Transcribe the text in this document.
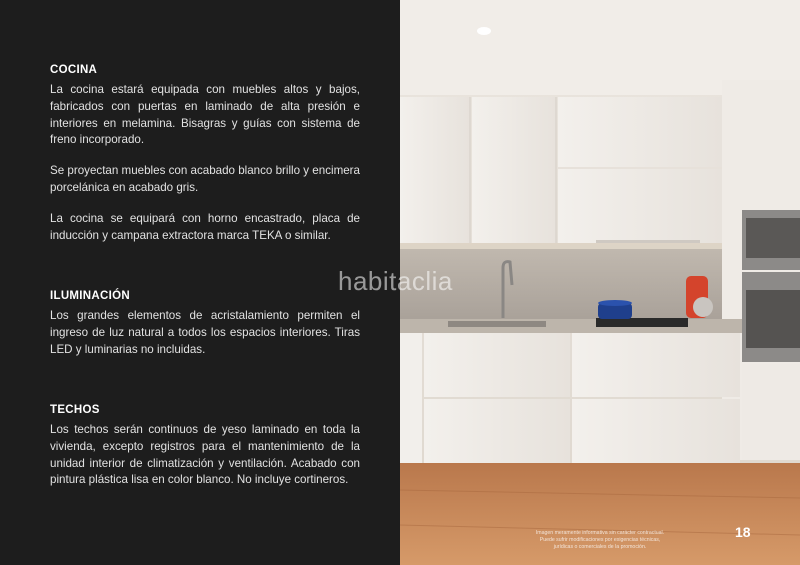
COCINA

La cocina estará equipada con muebles altos y bajos, fabricados con puertas en laminado de alta presión e interiores en melamina. Bisagras y guías con sistema de freno incorporado.

Se proyectan muebles con acabado blanco brillo y encimera porcelánica en acabado gris.

La cocina se equipará con horno encastrado, placa de inducción y campana extractora marca TEKA o similar.

ILUMINACIÓN

Los grandes elementos de acristalamiento permiten el ingreso de luz natural a todos los espacios interiores. Tiras LED y luminarias no incluidas.

TECHOS

Los techos serán continuos de yeso laminado en toda la vivienda, excepto registros para el mantenimiento de la unidad interior de climatización y ventilación. Acabado con pintura plástica lisa en color blanco. No incluye cortineros.

habitaclia
Imagen meramente informativa sin carácter contractual.
Puede sufrir modificaciones por exigencias técnicas,
jurídicas o comerciales de la promoción.
18
